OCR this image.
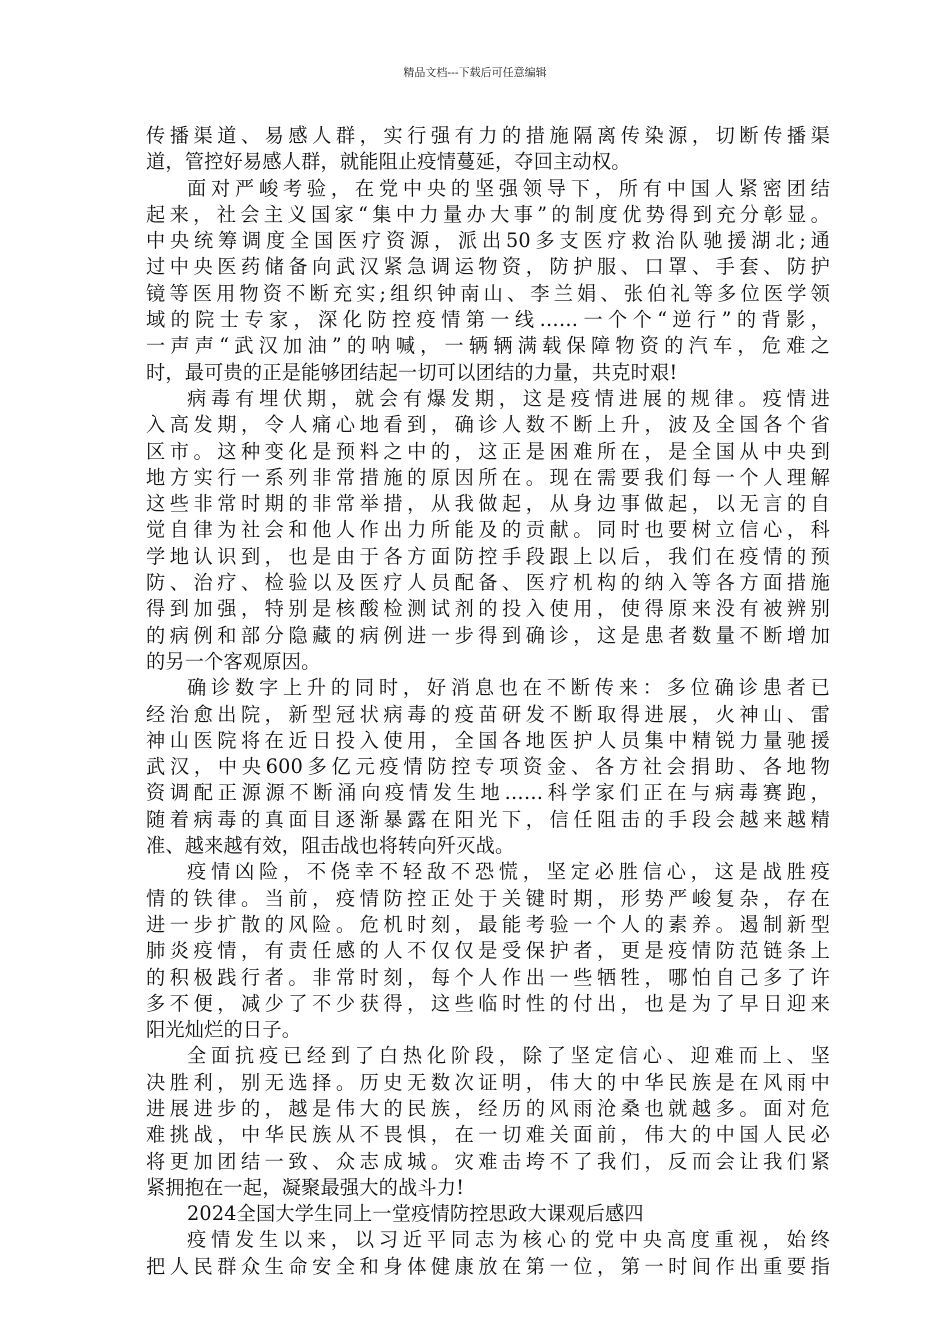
精品文档---下载后可任意编辑
传播渠道、易感人群，实行强有力的措施隔离传染源，切断传播渠
道，管控好易感人群，就能阻止疫情蔓延，夺回主动权。
面对严峻考验，在党中央的坚强领导下，所有中国人紧密团结
起来，社会主义国家“集中力量办大事”的制度优势得到充分彰显。
中央统筹调度全国医疗资源，派出50多支医疗救治队驰援湖北;通
过中央医药储备向武汉紧急调运物资，防护服、口罩、手套、防护
镜等医用物资不断充实;组织钟南山、李兰娟、张伯礼等多位医学领
域的院士专家，深化防控疫情第一线……一个个“逆行”的背影，
一声声“武汉加油”的呐喊，一辆辆满载保障物资的汽车，危难之
时，最可贵的正是能够团结起一切可以团结的力量，共克时艰!
病毒有埋伏期，就会有爆发期，这是疫情进展的规律。疫情进
入高发期，令人痛心地看到，确诊人数不断上升，波及全国各个省
区市。这种变化是预料之中的，这正是困难所在，是全国从中央到
地方实行一系列非常措施的原因所在。现在需要我们每一个人理解
这些非常时期的非常举措，从我做起，从身边事做起，以无言的自
觉自律为社会和他人作出力所能及的贡献。同时也要树立信心，科
学地认识到，也是由于各方面防控手段跟上以后，我们在疫情的预
防、治疗、检验以及医疗人员配备、医疗机构的纳入等各方面措施
得到加强，特别是核酸检测试剂的投入使用，使得原来没有被辨别
的病例和部分隐藏的病例进一步得到确诊，这是患者数量不断增加
的另一个客观原因。
确诊数字上升的同时，好消息也在不断传来：多位确诊患者已
经治愈出院，新型冠状病毒的疫苗研发不断取得进展，火神山、雷
神山医院将在近日投入使用，全国各地医护人员集中精锐力量驰援
武汉，中央600多亿元疫情防控专项资金、各方社会捐助、各地物
资调配正源源不断涌向疫情发生地……科学家们正在与病毒赛跑，
随着病毒的真面目逐渐暴露在阳光下，信任阻击的手段会越来越精
准、越来越有效，阻击战也将转向歼灭战。
疫情凶险，不侥幸不轻敌不恐慌，坚定必胜信心，这是战胜疫
情的铁律。当前，疫情防控正处于关键时期，形势严峻复杂，存在
进一步扩散的风险。危机时刻，最能考验一个人的素养。遏制新型
肺炎疫情，有责任感的人不仅仅是受保护者，更是疫情防范链条上
的积极践行者。非常时刻，每个人作出一些牺牲，哪怕自己多了许
多不便，减少了不少获得，这些临时性的付出，也是为了早日迎来
阳光灿烂的日子。
全面抗疫已经到了白热化阶段，除了坚定信心、迎难而上、坚
决胜利，别无选择。历史无数次证明，伟大的中华民族是在风雨中
进展进步的，越是伟大的民族，经历的风雨沧桑也就越多。面对危
难挑战，中华民族从不畏惧，在一切难关面前，伟大的中国人民必
将更加团结一致、众志成城。灾难击垮不了我们，反而会让我们紧
紧拥抱在一起，凝聚最强大的战斗力!
2024全国大学生同上一堂疫情防控思政大课观后感四
疫情发生以来，以习近平同志为核心的党中央高度重视，始终
把人民群众生命安全和身体健康放在第一位，第一时间作出重要指
